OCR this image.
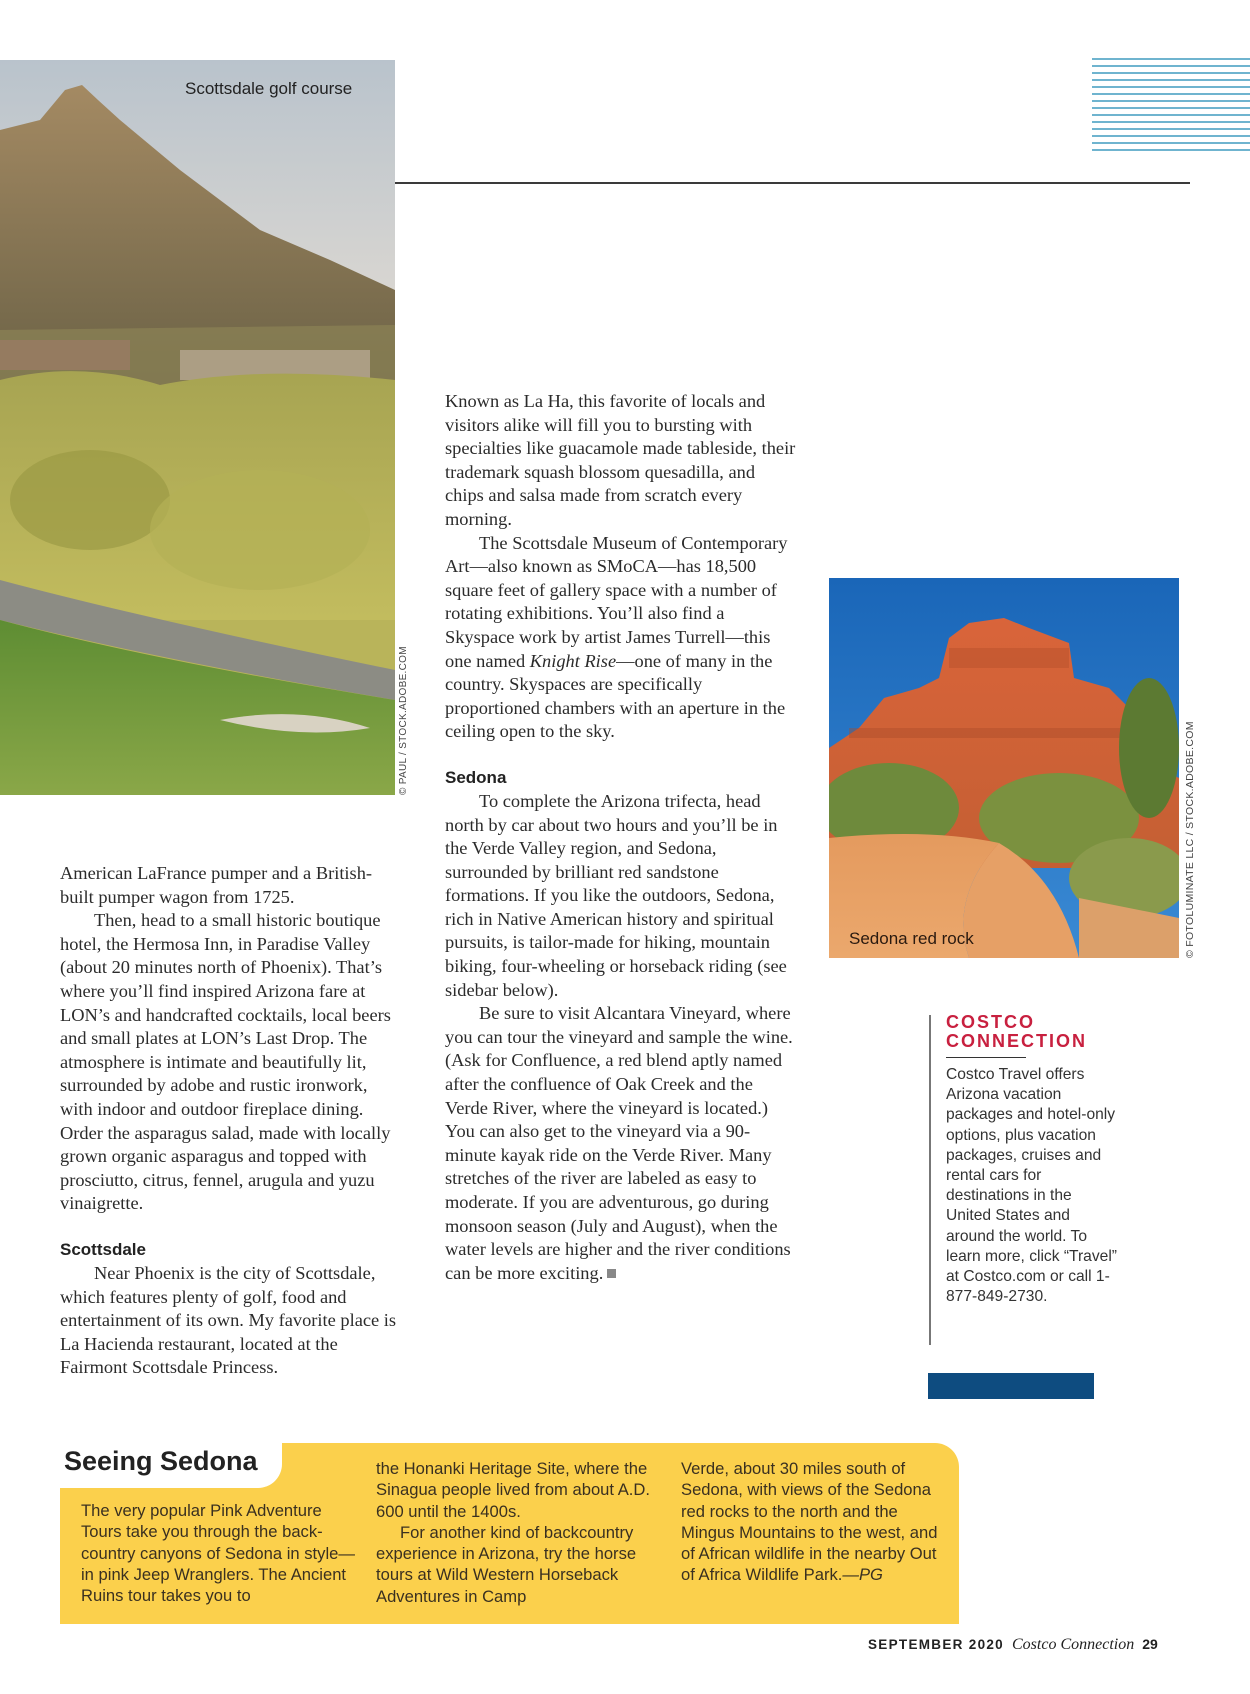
Scottsdale golf course
© PAUL / STOCK.ADOBE.COM

American LaFrance pumper and a British-built pumper wagon from 1725.

Then, head to a small historic boutique hotel, the Hermosa Inn, in Paradise Valley (about 20 minutes north of Phoenix). That’s where you’ll find inspired Arizona fare at LON’s and handcrafted cocktails, local beers and small plates at LON’s Last Drop. The atmosphere is intimate and beautifully lit, surrounded by adobe and rustic ironwork, with indoor and outdoor fireplace dining. Order the asparagus salad, made with locally grown organic asparagus and topped with prosciutto, citrus, fennel, arugula and yuzu vinaigrette.

Scottsdale

Near Phoenix is the city of Scottsdale, which features plenty of golf, food and entertainment of its own. My favorite place is La Hacienda restaurant, located at the Fairmont Scottsdale Princess.

Known as La Ha, this favorite of locals and visitors alike will fill you to bursting with specialties like guacamole made tableside, their trademark squash blossom quesadilla, and chips and salsa made from scratch every morning.

The Scottsdale Museum of Contemporary Art—also known as SMoCA—has 18,500 square feet of gallery space with a number of rotating exhibitions. You’ll also find a Skyspace work by artist James Turrell—this one named Knight Rise—one of many in the country. Skyspaces are specifically proportioned chambers with an aperture in the ceiling open to the sky.

Sedona

To complete the Arizona trifecta, head north by car about two hours and you’ll be in the Verde Valley region, and Sedona, surrounded by brilliant red sandstone formations. If you like the outdoors, Sedona, rich in Native American history and spiritual pursuits, is tailor-made for hiking, mountain biking, four-wheeling or horseback riding (see sidebar below).

Be sure to visit Alcantara Vineyard, where you can tour the vineyard and sample the wine. (Ask for Confluence, a red blend aptly named after the confluence of Oak Creek and the Verde River, where the vineyard is located.) You can also get to the vineyard via a 90-minute kayak ride on the Verde River. Many stretches of the river are labeled as easy to moderate. If you are adventurous, go during monsoon season (July and August), when the water levels are higher and the river conditions can be more exciting.

Sedona red rock	© FOTOLUMINATE LLC / STOCK.ADOBE.COM
COSTCO
CONNECTION
Costco Travel offers Arizona vacation packages and hotel-only options, plus vacation packages, cruises and rental cars for destinations in the United States and around the world. To learn more, click “Travel” at Costco.com or call 1-877-849-2730.
Seeing Sedona

The very popular Pink Adventure Tours take you through the back-country canyons of Sedona in style—in pink Jeep Wranglers. The Ancient Ruins tour takes you to

the Honanki Heritage Site, where the Sinagua people lived from about A.D. 600 until the 1400s.

For another kind of backcountry experience in Arizona, try the horse tours at Wild Western Horseback Adventures in Camp

Verde, about 30 miles south of Sedona, with views of the Sedona red rocks to the north and the Mingus Mountains to the west, and of African wildlife in the nearby Out of Africa Wildlife Park.—PG

SEPTEMBER 2020 Costco Connection 29
